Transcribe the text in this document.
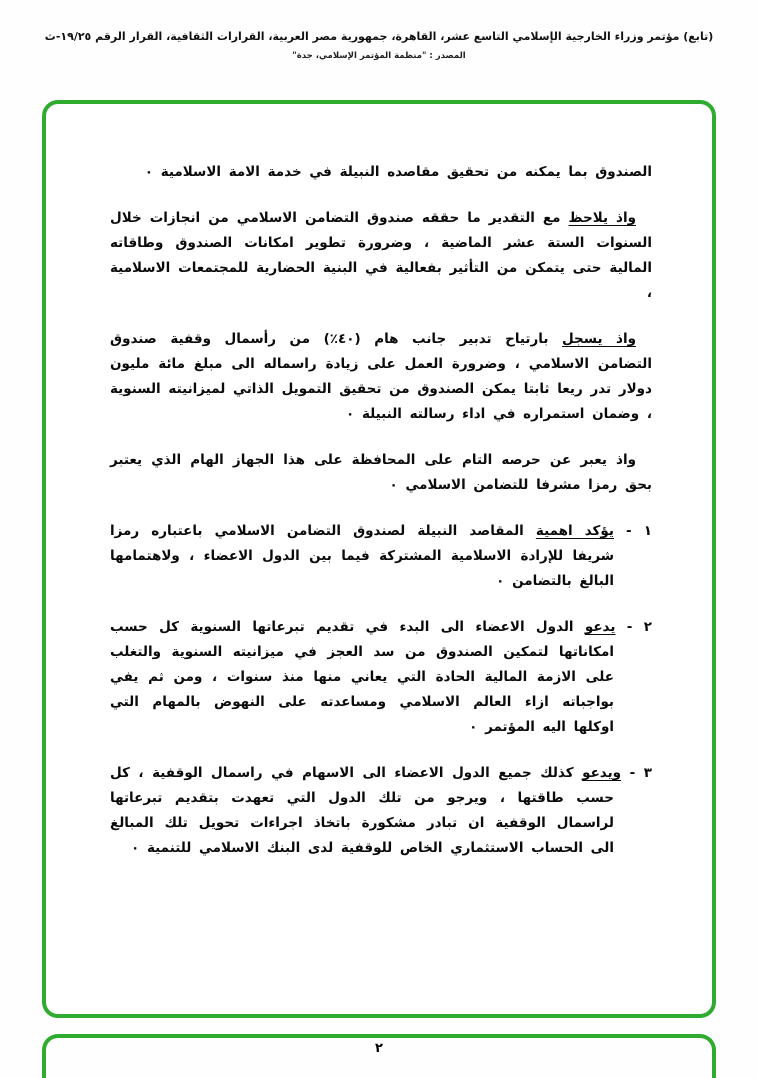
(تابع) مؤتمر وزراء الخارجية الإسلامي التاسع عشر، القاهرة، جمهورية مصر العربية، القرارات الثقافية، القرار الرقم ١٩/٢٥-ث
المصدر : "منظمة المؤتمر الإسلامي، جدة"

الصندوق بما يمكنه من تحقيق مقاصده النبيلة في خدمة الامة الاسلامية ٠

واذ يلاحظ مع التقدير ما حققه صندوق التضامن الاسلامي من انجازات خلال السنوات الستة عشر الماضية ، وضرورة تطوير امكانات الصندوق وطاقاته المالية حتى يتمكن من التأثير بفعالية في البنية الحضارية للمجتمعات الاسلامية ،

واذ يسجل بارتياح تدبير جانب هام (٤٠٪) من رأسمال وقفية صندوق التضامن الاسلامي ، وضرورة العمل على زيادة راسماله الى مبلغ مائة مليون دولار تدر ريعا ثابتا يمكن الصندوق من تحقيق التمويل الذاتي لميزانيته السنوية ، وضمان استمراره في اداء رسالته النبيلة ٠

واذ يعبر عن حرصه التام على المحافظة على هذا الجهاز الهام الذي يعتبر بحق رمزا مشرفا للتضامن الاسلامي ٠

١ - يؤكد اهمية المقاصد النبيلة لصندوق التضامن الاسلامي باعتباره رمزا شريفا للإرادة الاسلامية المشتركة فيما بين الدول الاعضاء ، ولاهتمامها البالغ بالتضامن ٠

٢ - يدعو الدول الاعضاء الى البدء في تقديم تبرعاتها السنوية كل حسب امكاناتها لتمكين الصندوق من سد العجز في ميزانيته السنوية والتغلب على الازمة المالية الحادة التي يعاني منها منذ سنوات ، ومن ثم يفي بواجباته ازاء العالم الاسلامي ومساعدته على النهوض بالمهام التي اوكلها اليه المؤتمر ٠

٣ - ويدعو كذلك جميع الدول الاعضاء الى الاسهام في راسمال الوقفية ، كل حسب طاقتها ، ويرجو من تلك الدول التي تعهدت بتقديم تبرعاتها لراسمال الوقفية ان تبادر مشكورة باتخاذ اجراءات تحويل تلك المبالغ الى الحساب الاستثماري الخاص للوقفية لدى البنك الاسلامي للتنمية ٠

٢
